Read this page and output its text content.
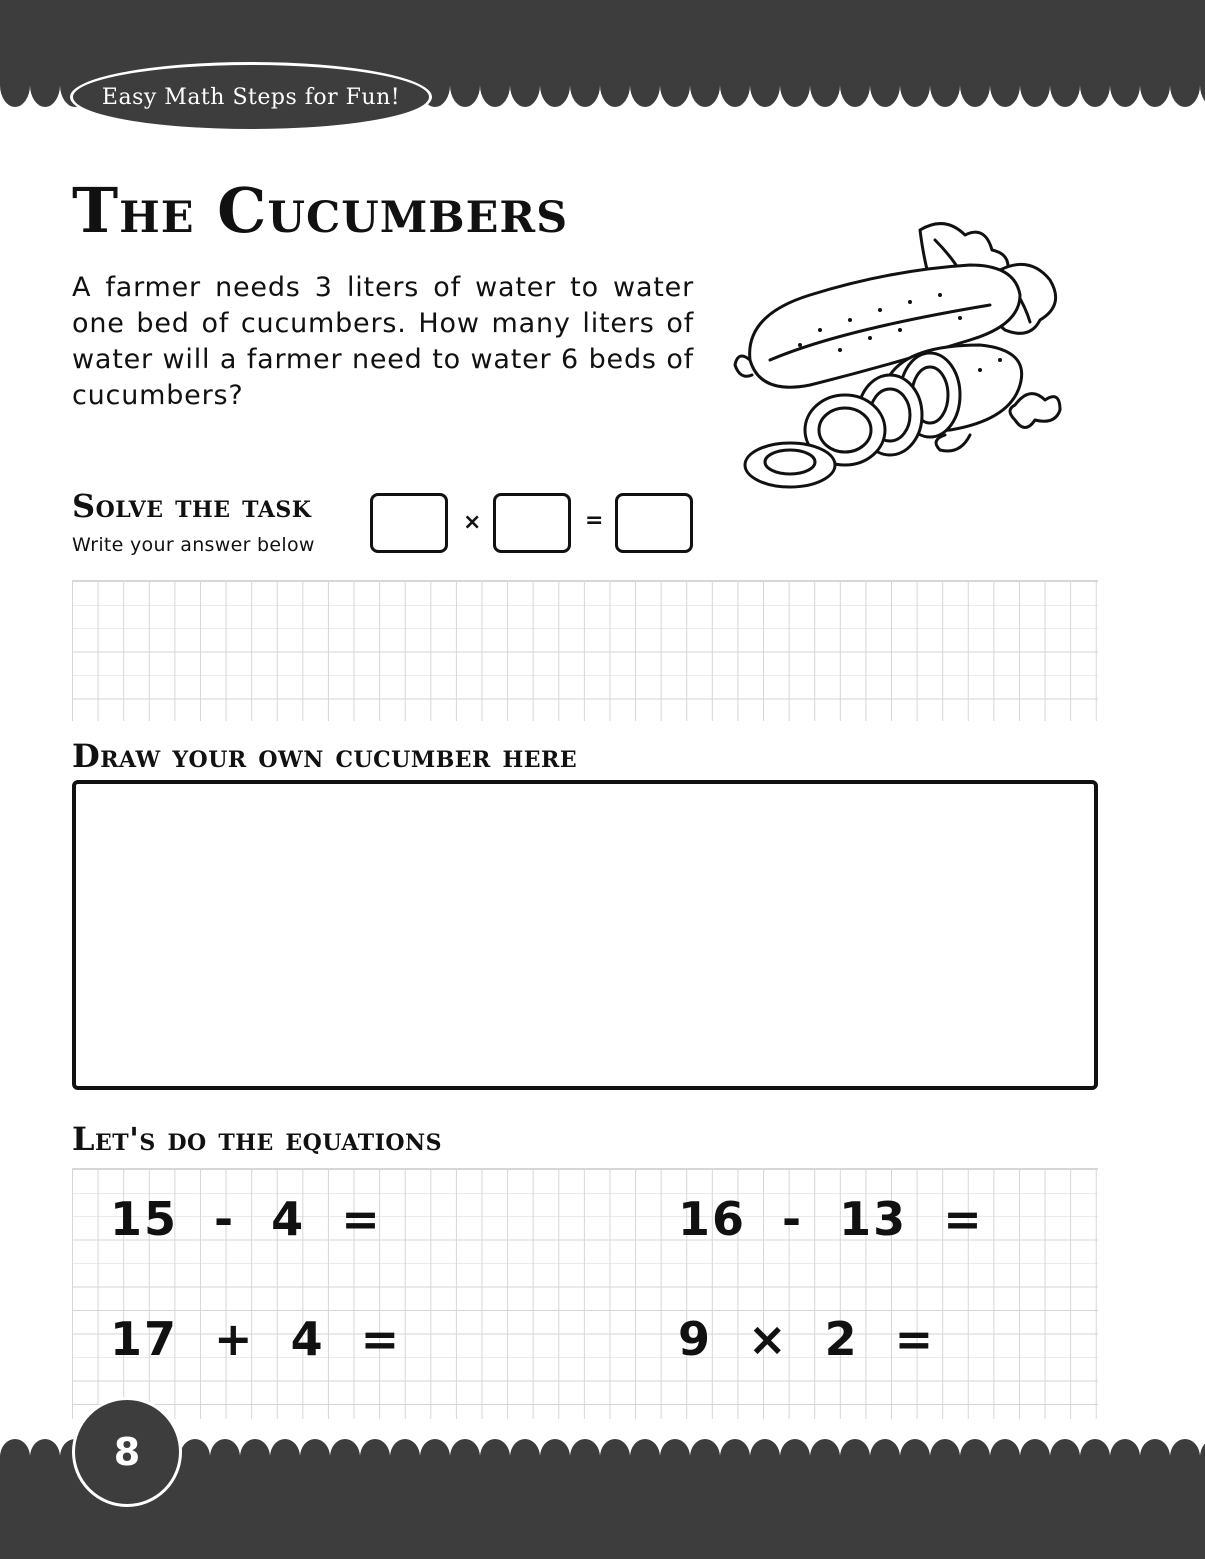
Easy Math Steps for Fun!
The Cucumbers
A farmer needs 3 liters of water to water one bed of cucumbers. How many liters of water will a farmer need to water 6 beds of cucumbers?
Solve the task
Write your answer below
×	=
Draw your own cucumber here
Let's do the equations
15  -  4  =	16  -  13  =
17  +  4  =	9  ×  2  =
8
